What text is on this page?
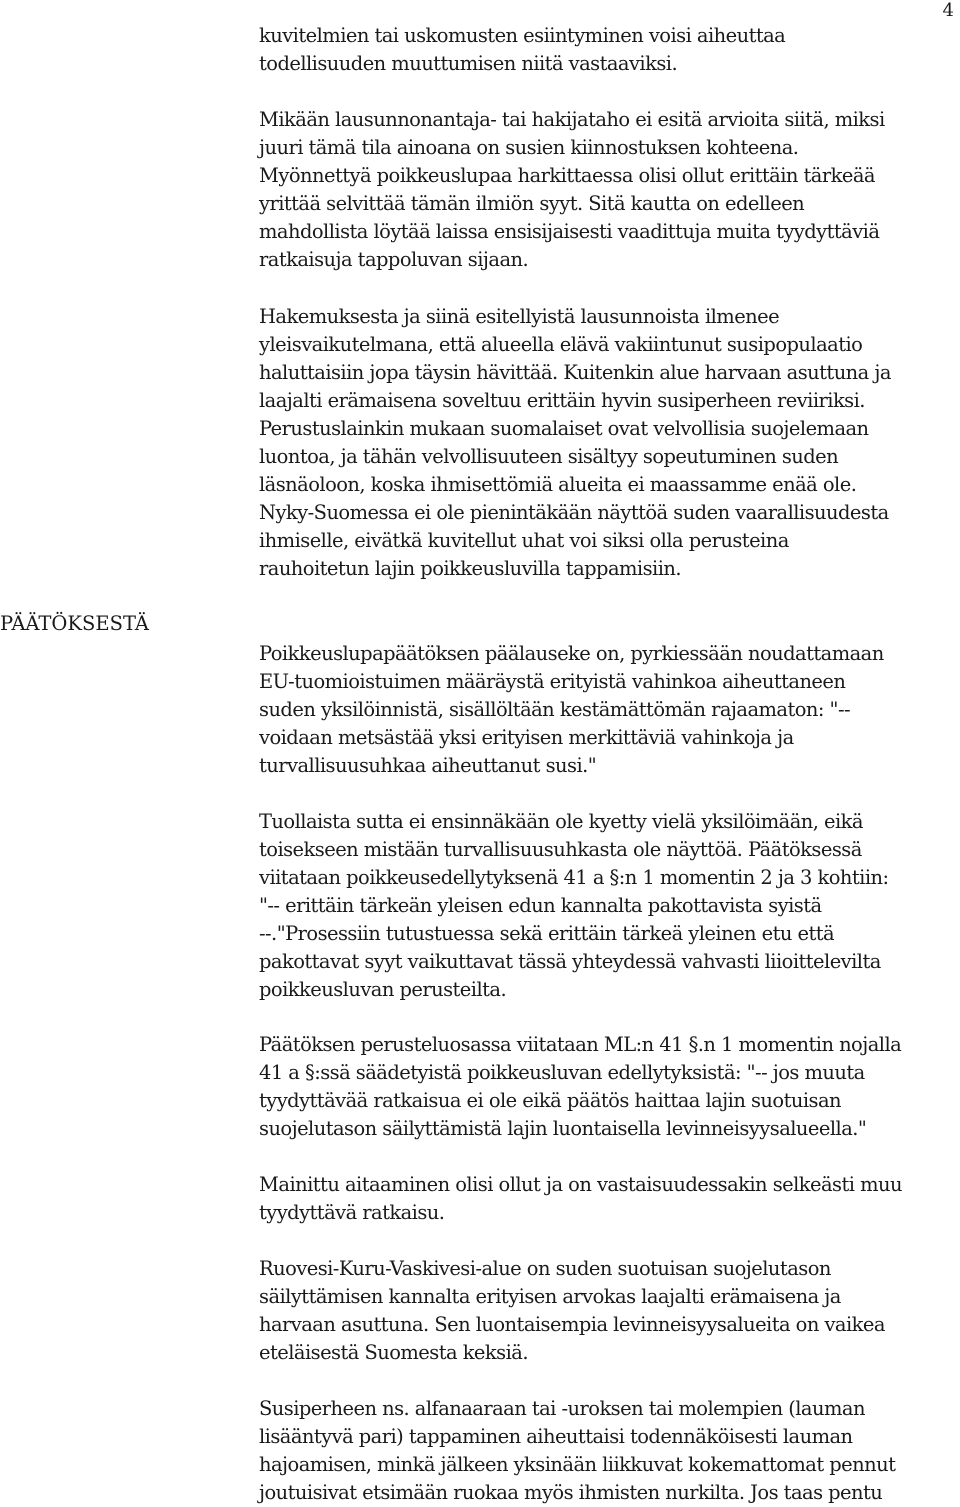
4
PÄÄTÖKSESTÄ
kuvitelmien tai uskomusten esiintyminen voisi aiheuttaa
todellisuuden muuttumisen niitä vastaaviksi.
Mikään lausunnonantaja- tai hakijataho ei esitä arvioita siitä, miksi
juuri tämä tila ainoana on susien kiinnostuksen kohteena.
Myönnettyä poikkeuslupaa harkittaessa olisi ollut erittäin tärkeää
yrittää selvittää tämän ilmiön syyt. Sitä kautta on edelleen
mahdollista löytää laissa ensisijaisesti vaadittuja muita tyydyttäviä
ratkaisuja tappoluvan sijaan.
Hakemuksesta ja siinä esitellyistä lausunnoista ilmenee
yleisvaikutelmana, että alueella elävä vakiintunut susipopulaatio
haluttaisiin jopa täysin hävittää. Kuitenkin alue harvaan asuttuna ja
laajalti erämaisena soveltuu erittäin hyvin susiperheen reviiriksi.
Perustuslainkin mukaan suomalaiset ovat velvollisia suojelemaan
luontoa, ja tähän velvollisuuteen sisältyy sopeutuminen suden
läsnäoloon, koska ihmisettömiä alueita ei maassamme enää ole.
Nyky-Suomessa ei ole pienintäkään näyttöä suden vaarallisuudesta
ihmiselle, eivätkä kuvitellut uhat voi siksi olla perusteina
rauhoitetun lajin poikkeusluvilla tappamisiin.
Poikkeuslupapäätöksen päälauseke on, pyrkiessään noudattamaan
EU-tuomioistuimen määräystä erityistä vahinkoa aiheuttaneen
suden yksilöinnistä, sisällöltään kestämättömän rajaamaton: "--
voidaan metsästää yksi erityisen merkittäviä vahinkoja ja
turvallisuusuhkaa aiheuttanut susi."
Tuollaista sutta ei ensinnäkään ole kyetty vielä yksilöimään, eikä
toisekseen mistään turvallisuusuhkasta ole näyttöä. Päätöksessä
viitataan poikkeusedellytyksenä 41 a §:n 1 momentin 2 ja 3 kohtiin:
"-- erittäin tärkeän yleisen edun kannalta pakottavista syistä
--."Prosessiin tutustuessa sekä erittäin tärkeä yleinen etu että
pakottavat syyt vaikuttavat tässä yhteydessä vahvasti liioittelevilta
poikkeusluvan perusteilta.
Päätöksen perusteluosassa viitataan ML:n 41 §.n 1 momentin nojalla
41 a §:ssä säädetyistä poikkeusluvan edellytyksistä: "-- jos muuta
tyydyttävää ratkaisua ei ole eikä päätös haittaa lajin suotuisan
suojelutason säilyttämistä lajin luontaisella levinneisyysalueella."
Mainittu aitaaminen olisi ollut ja on vastaisuudessakin selkeästi muu
tyydyttävä ratkaisu.
Ruovesi-Kuru-Vaskivesi-alue on suden suotuisan suojelutason
säilyttämisen kannalta erityisen arvokas laajalti erämaisena ja
harvaan asuttuna. Sen luontaisempia levinneisyysalueita on vaikea
eteläisestä Suomesta keksiä.
Susiperheen ns. alfanaaraan tai -uroksen tai molempien (lauman
lisääntyvä pari) tappaminen aiheuttaisi todennäköisesti lauman
hajoamisen, minkä jälkeen yksinään liikkuvat kokemattomat pennut
joutuisivat etsimään ruokaa myös ihmisten nurkilta. Jos taas pentu
